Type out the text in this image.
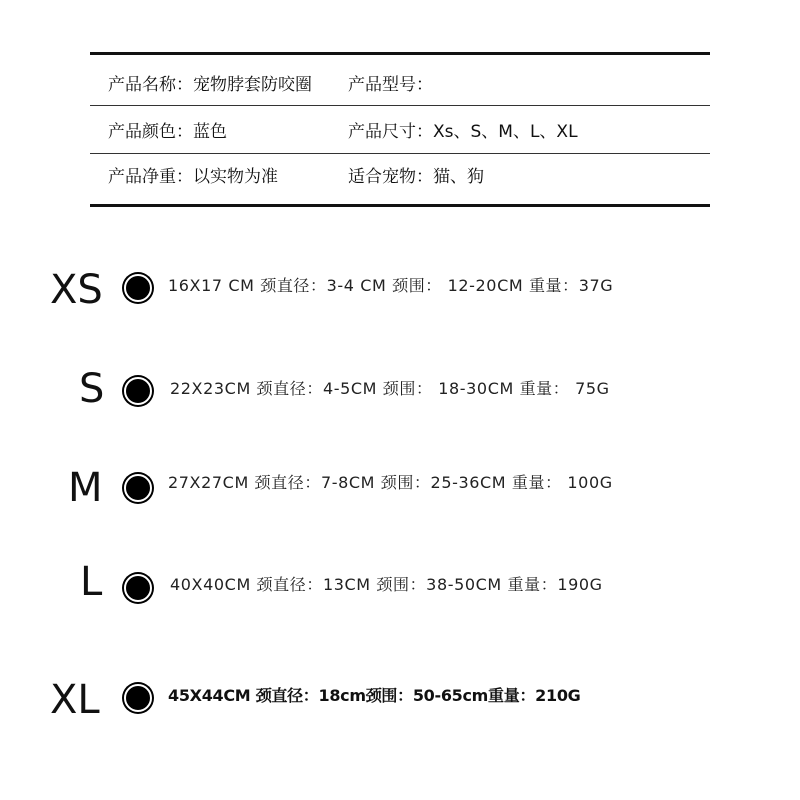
产品名称：宠物脖套防咬圈 产品型号：
产品颜色：蓝色	产品尺寸：Xs、S、M、L、XL
产品净重：以实物为准	适合宠物：猫、狗
XS	16X17 CM 颈直径：3-4 CM 颈围： 12-20CM 重量：37G
S	22X23CM 颈直径：4-5CM 颈围： 18-30CM 重量： 75G
M	27X27CM 颈直径：7-8CM 颈围：25-36CM 重量： 100G
L	40X40CM 颈直径：13CM 颈围：38-50CM 重量：190G
XL	45X44CM 颈直径：18cm颈围：50-65cm重量：210G
